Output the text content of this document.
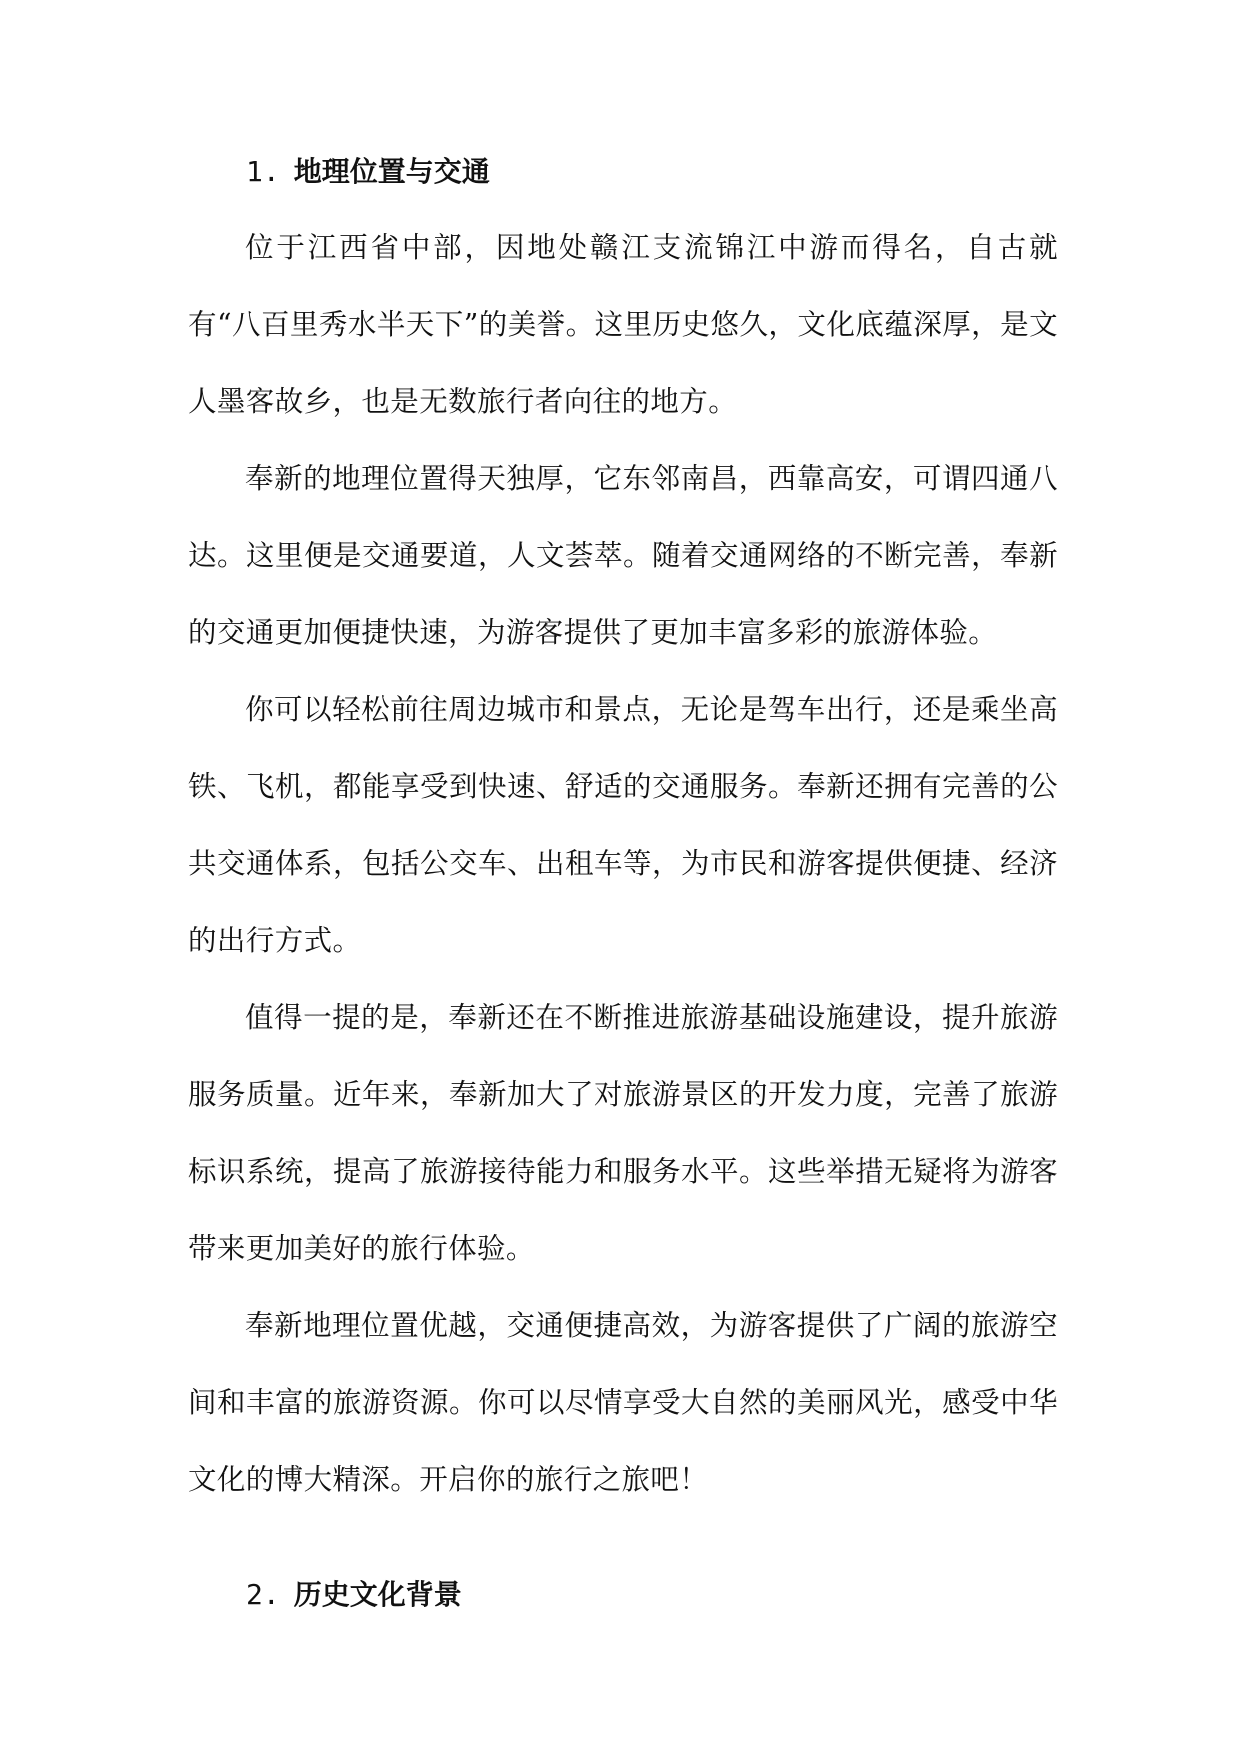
1. 地理位置与交通

位于江西省中部，因地处赣江支流锦江中游而得名，自古就有“八百里秀水半天下”的美誉。这里历史悠久，文化底蕴深厚，是文人墨客故乡，也是无数旅行者向往的地方。

奉新的地理位置得天独厚，它东邻南昌，西靠高安，可谓四通八达。这里便是交通要道，人文荟萃。随着交通网络的不断完善，奉新的交通更加便捷快速，为游客提供了更加丰富多彩的旅游体验。

你可以轻松前往周边城市和景点，无论是驾车出行，还是乘坐高铁、飞机，都能享受到快速、舒适的交通服务。奉新还拥有完善的公共交通体系，包括公交车、出租车等，为市民和游客提供便捷、经济的出行方式。

值得一提的是，奉新还在不断推进旅游基础设施建设，提升旅游服务质量。近年来，奉新加大了对旅游景区的开发力度，完善了旅游标识系统，提高了旅游接待能力和服务水平。这些举措无疑将为游客带来更加美好的旅行体验。

奉新地理位置优越，交通便捷高效，为游客提供了广阔的旅游空间和丰富的旅游资源。你可以尽情享受大自然的美丽风光，感受中华文化的博大精深。开启你的旅行之旅吧！

2. 历史文化背景
